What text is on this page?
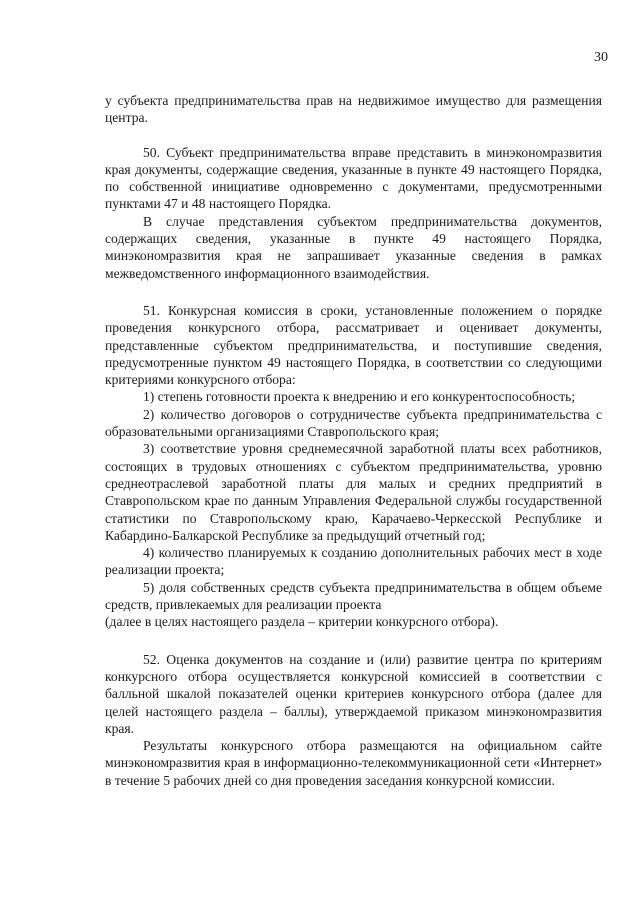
30

у субъекта предпринимательства прав на недвижимое имущество для размещения центра.

50. Субъект предпринимательства вправе представить в минэкономразвития края документы, содержащие сведения, указанные в пункте 49 настоящего Порядка, по собственной инициативе одновременно с документами, предусмотренными пунктами 47 и 48 настоящего Порядка.

В случае представления субъектом предпринимательства документов, содержащих сведения, указанные в пункте 49 настоящего Порядка, минэкономразвития края не запрашивает указанные сведения в рамках межведомственного информационного взаимодействия.

51. Конкурсная комиссия в сроки, установленные положением о порядке проведения конкурсного отбора, рассматривает и оценивает документы, представленные субъектом предпринимательства, и поступившие сведения, предусмотренные пунктом 49 настоящего Порядка, в соответствии со следующими критериями конкурсного отбора:

1) степень готовности проекта к внедрению и его конкурентоспособность;

2) количество договоров о сотрудничестве субъекта предпринимательства с образовательными организациями Ставропольского края;

3) соответствие уровня среднемесячной заработной платы всех работников, состоящих в трудовых отношениях с субъектом предпринимательства, уровню среднеотраслевой заработной платы для малых и средних предприятий в Ставропольском крае по данным Управления Федеральной службы государственной статистики по Ставропольскому краю, Карачаево-Черкесской Республике и Кабардино-Балкарской Республике за предыдущий отчетный год;

4) количество планируемых к созданию дополнительных рабочих мест в ходе реализации проекта;

5) доля собственных средств субъекта предпринимательства в общем объеме средств, привлекаемых для реализации проекта

(далее в целях настоящего раздела – критерии конкурсного отбора).

52. Оценка документов на создание и (или) развитие центра по критериям конкурсного отбора осуществляется конкурсной комиссией в соответствии с балльной шкалой показателей оценки критериев конкурсного отбора (далее для целей настоящего раздела – баллы), утверждаемой приказом минэкономразвития края.

Результаты конкурсного отбора размещаются на официальном сайте минэкономразвития края в информационно-телекоммуникационной сети «Интернет» в течение 5 рабочих дней со дня проведения заседания конкурсной комиссии.
